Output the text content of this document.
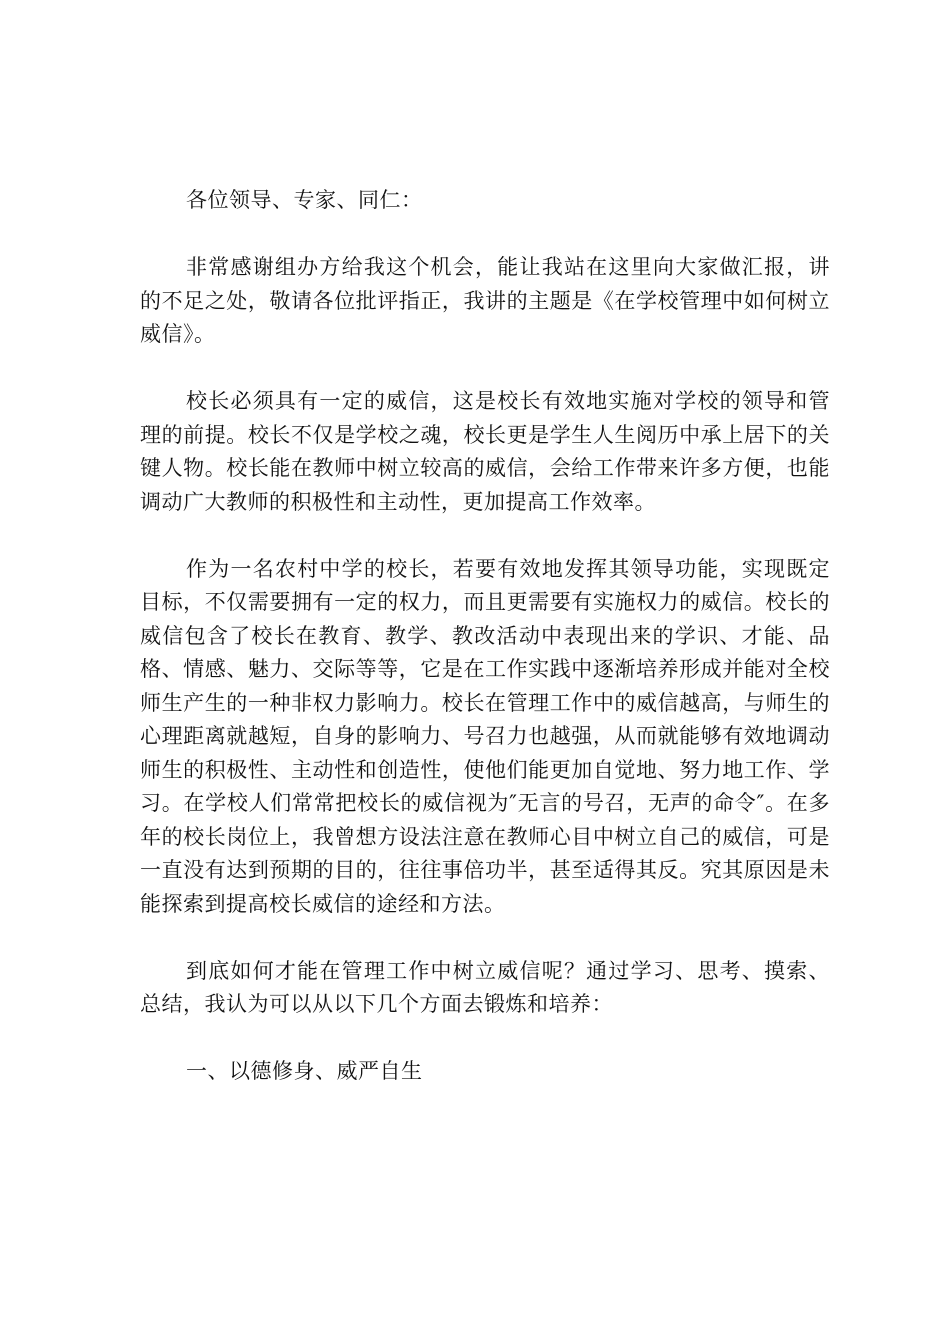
各位领导、专家、同仁：

非常感谢组办方给我这个机会，能让我站在这里向大家做汇报，讲的不足之处，敬请各位批评指正，我讲的主题是《在学校管理中如何树立威信》。

校长必须具有一定的威信，这是校长有效地实施对学校的领导和管理的前提。校长不仅是学校之魂，校长更是学生人生阅历中承上居下的关键人物。校长能在教师中树立较高的威信，会给工作带来许多方便，也能调动广大教师的积极性和主动性，更加提高工作效率。

作为一名农村中学的校长，若要有效地发挥其领导功能，实现既定目标，不仅需要拥有一定的权力，而且更需要有实施权力的威信。校长的威信包含了校长在教育、教学、教改活动中表现出来的学识、才能、品格、情感、魅力、交际等等，它是在工作实践中逐渐培养形成并能对全校师生产生的一种非权力影响力。校长在管理工作中的威信越高，与师生的心理距离就越短，自身的影响力、号召力也越强，从而就能够有效地调动师生的积极性、主动性和创造性，使他们能更加自觉地、努力地工作、学习。在学校人们常常把校长的威信视为″无言的号召，无声的命令″。在多年的校长岗位上，我曾想方设法注意在教师心目中树立自己的威信，可是一直没有达到预期的目的，往往事倍功半，甚至适得其反。究其原因是未能探索到提高校长威信的途经和方法。

到底如何才能在管理工作中树立威信呢？通过学习、思考、摸索、总结，我认为可以从以下几个方面去锻炼和培养：

一、以德修身、威严自生
